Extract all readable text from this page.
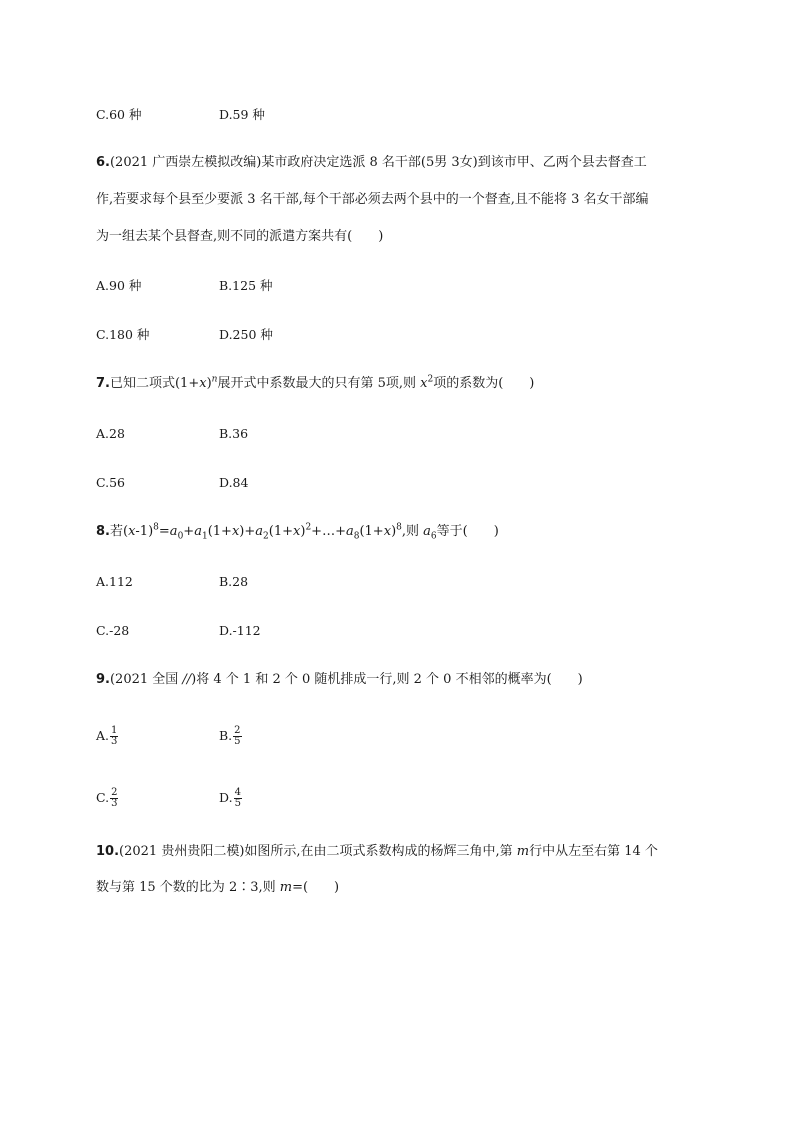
C.60 种	D.59 种
6.(2021 广西崇左模拟改编)某市政府决定选派 8 名干部(5男 3女)到该市甲、乙两个县去督查工
作,若要求每个县至少要派 3 名干部,每个干部必须去两个县中的一个督查,且不能将 3 名女干部编
为一组去某个县督查,则不同的派遣方案共有(　　)
A.90 种	B.125 种
C.180 种	D.250 种
7.已知二项式$(1+x)^n$展开式中系数最大的只有第 5项,则 $x^2$项的系数为(　　)
A.28	B.36
C.56	D.84
8.若$(x-1)^8=a_0+a_1(1+x)+a_2(1+x)^2+\dots+a_8(1+x)^8$,则 $a_6$等于(　　)
A.112	B.28
C.-28	D.-112
9.(2021 全国 //)将 4 个 1 和 2 个 0 随机排成一行,则 2 个 0 不相邻的概率为(　　)
A. $\frac{1}{3}$	B. $\frac{2}{5}$
C. $\frac{2}{3}$	D. $\frac{4}{5}$
10.(2021 贵州贵阳二模)如图所示,在由二项式系数构成的杨辉三角中,第 m行中从左至右第 14 个
数与第 15 个数的比为 2∶3,则 m=(　　)
